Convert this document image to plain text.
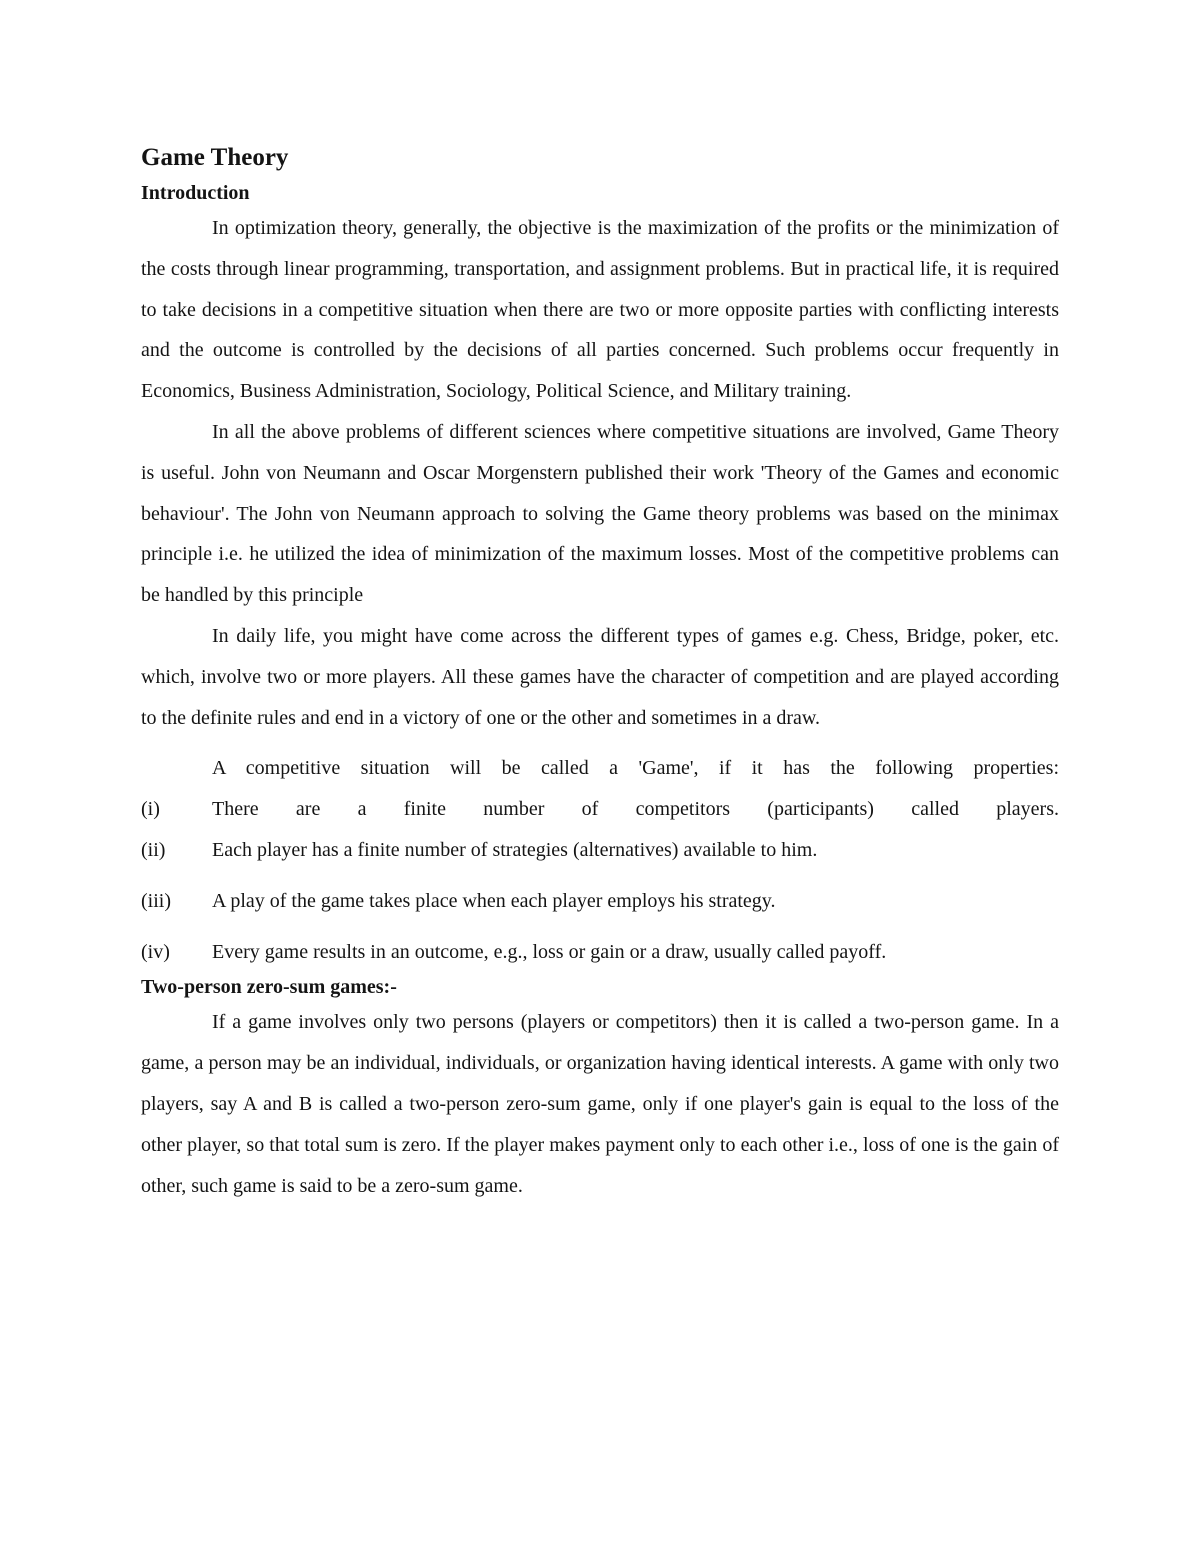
Game Theory
Introduction

In optimization theory, generally, the objective is the maximization of the profits or the minimization of the costs through linear programming, transportation, and assignment problems. But in practical life, it is required to take decisions in a competitive situation when there are two or more opposite parties with conflicting interests and the outcome is controlled by the decisions of all parties concerned. Such problems occur frequently in Economics, Business Administration, Sociology, Political Science, and Military training.

In all the above problems of different sciences where competitive situations are involved, Game Theory is useful. John von Neumann and Oscar Morgenstern published their work 'Theory of the Games and economic behaviour'. The John von Neumann approach to solving the Game theory problems was based on the minimax principle i.e. he utilized the idea of minimization of the maximum losses. Most of the competitive problems can be handled by this principle

In daily life, you might have come across the different types of games e.g. Chess, Bridge, poker, etc. which, involve two or more players. All these games have the character of competition and are played according to the definite rules and end in a victory of one or the other and sometimes in a draw.

A competitive situation will be called a 'Game', if it has the following properties:

(i)	There are a finite number of competitors (participants) called players.
(ii)	Each player has a finite number of strategies (alternatives) available to him.
(iii)	A play of the game takes place when each player employs his strategy.
(iv)	Every game results in an outcome, e.g., loss or gain or a draw, usually called payoff.
Two-person zero-sum games:-

If a game involves only two persons (players or competitors) then it is called a two-person game. In a game, a person may be an individual, individuals, or organization having identical interests. A game with only two players, say A and B is called a two-person zero-sum game, only if one player's gain is equal to the loss of the other player, so that total sum is zero. If the player makes payment only to each other i.e., loss of one is the gain of other, such game is said to be a zero-sum game.
